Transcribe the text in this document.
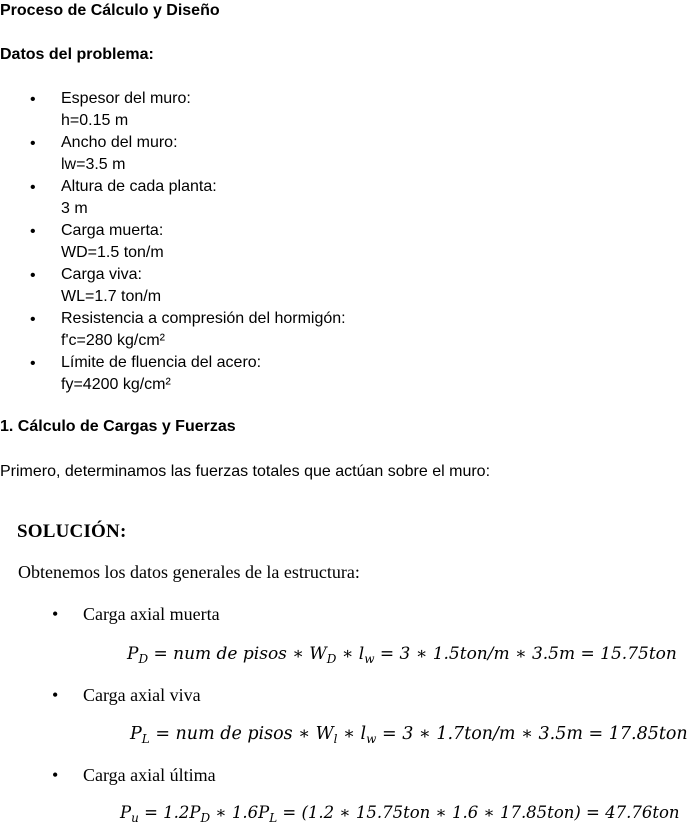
Proceso de Cálculo y Diseño
Datos del problema:
• Espesor del muro:
h=0.15 m
• Ancho del muro:
lw=3.5 m
• Altura de cada planta:
3 m
• Carga muerta:
WD=1.5 ton/m
• Carga viva:
WL=1.7 ton/m
• Resistencia a compresión del hormigón:
f'c=280 kg/cm²
• Límite de fluencia del acero:
fy=4200 kg/cm²
1. Cálculo de Cargas y Fuerzas
Primero, determinamos las fuerzas totales que actúan sobre el muro:
SOLUCIÓN:
Obtenemos los datos generales de la estructura:
• Carga axial muerta
$P_D$ = num de pisos ∗ $W_D$ ∗ $l_w = 3$ ∗ 1.5ton/m ∗ 3.5m = 15.75ton
• Carga axial viva
$P_L$ = num de pisos ∗ $W_l$ ∗ $l_w = 3$ ∗ 1.7ton/m ∗ 3.5m = 17.85ton
• Carga axial última
$P_u = 1.2P_D$ ∗ $1.6P_L = (1.2$ ∗ 15.75ton ∗ 1.6 ∗ 17.85ton) = 47.76ton
